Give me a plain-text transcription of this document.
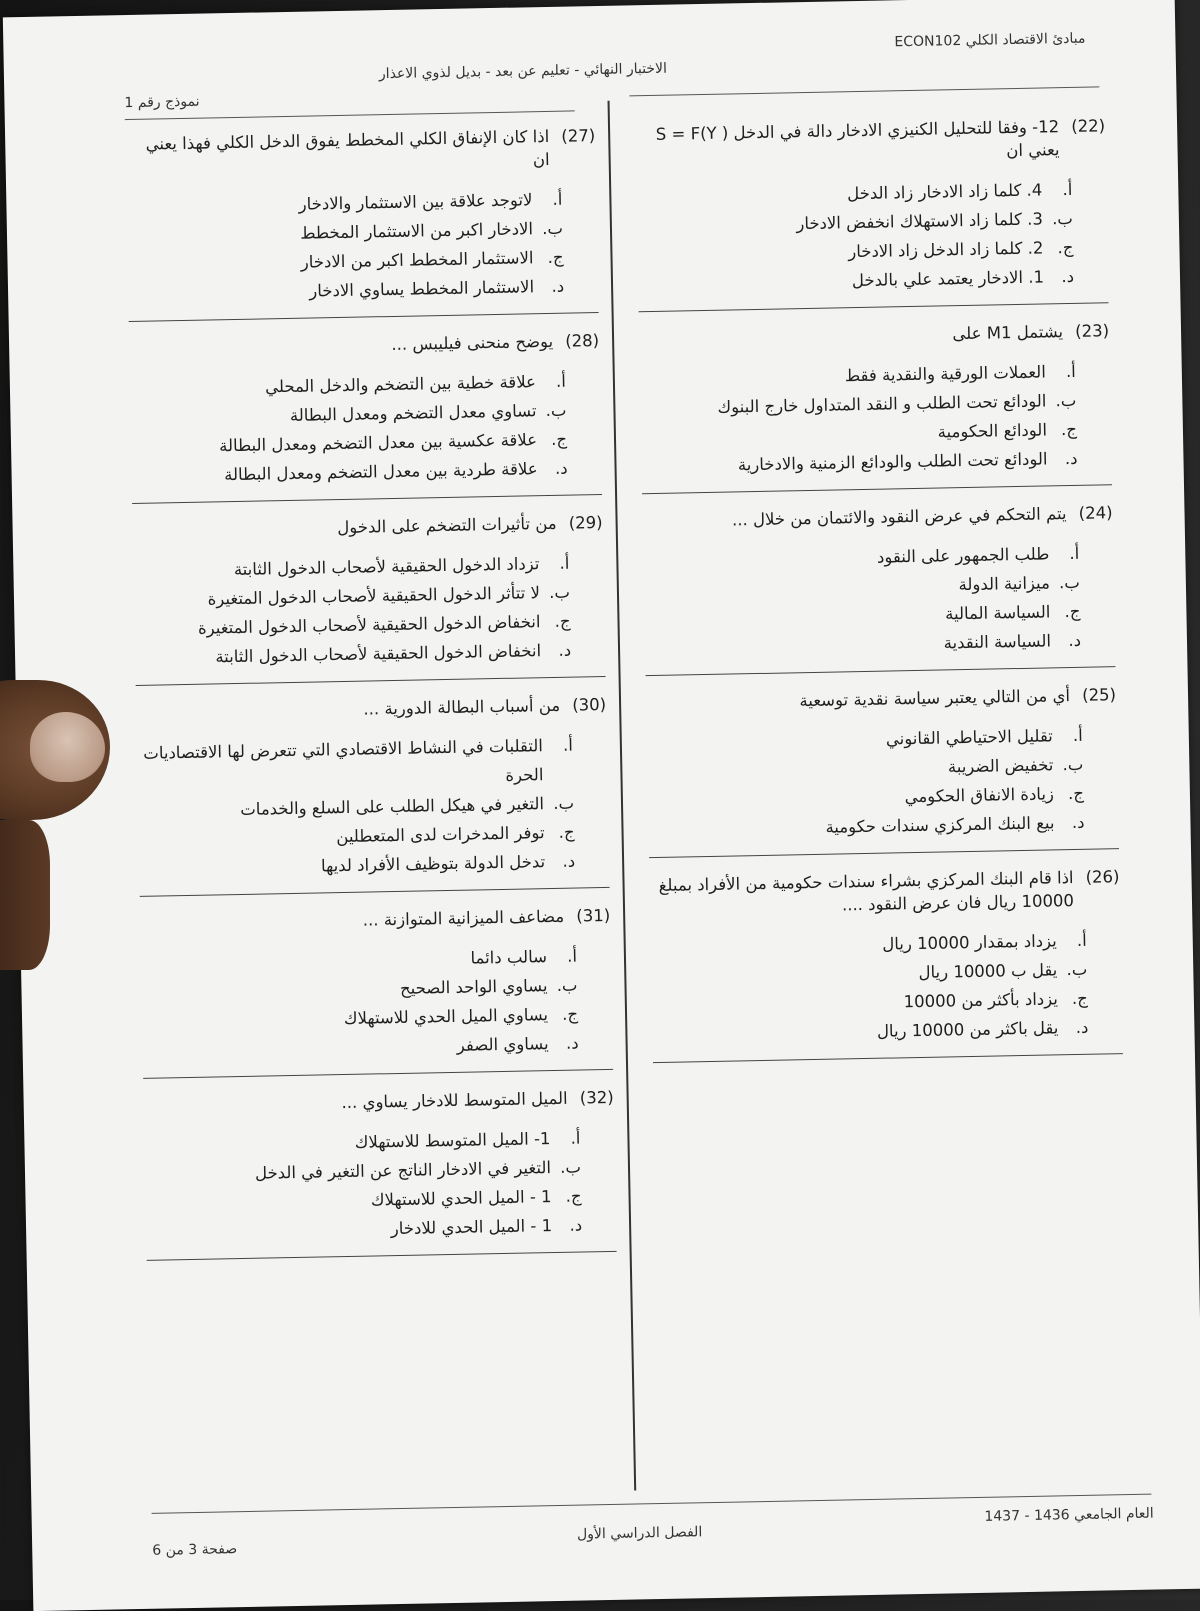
مبادئ الاقتصاد الكلي ECON102
الاختبار النهائي - تعليم عن بعد - بديل لذوي الاعذار
نموذج رقم 1
(22)
12- وفقا للتحليل الكنيزي الادخار دالة في الدخل ( S = F(Y يعني ان
أ.
4. كلما زاد الادخار زاد الدخل
ب.
3. كلما زاد الاستهلاك انخفض الادخار
ج.
2. كلما زاد الدخل زاد الادخار
د.
1. الادخار يعتمد علي بالدخل
(23)
يشتمل M1 على
أ.
العملات الورقية والنقدية فقط
ب.
الودائع تحت الطلب و النقد المتداول خارج البنوك
ج.
الودائع الحكومية
د.
الودائع تحت الطلب والودائع الزمنية والادخارية
(24)
يتم التحكم في عرض النقود والائتمان من خلال ...
أ.
طلب الجمهور على النقود
ب.
ميزانية الدولة
ج.
السياسة المالية
د.
السياسة النقدية
(25)
أي من التالي يعتبر سياسة نقدية توسعية
أ.
تقليل الاحتياطي القانوني
ب.
تخفيض الضريبة
ج.
زيادة الانفاق الحكومي
د.
بيع البنك المركزي سندات حكومية
(26)
اذا قام البنك المركزي بشراء سندات حكومية من الأفراد بمبلغ 10000 ريال فان عرض النقود ....
أ.
يزداد بمقدار 10000 ريال
ب.
يقل ب 10000 ريال
ج.
يزداد بأكثر من 10000
د.
يقل باكثر من 10000 ريال
(27)
اذا كان الإنفاق الكلي المخطط يفوق الدخل الكلي فهذا يعني ان
أ.
لاتوجد علاقة بين الاستثمار والادخار
ب.
الادخار اكبر من الاستثمار المخطط
ج.
الاستثمار المخطط اكبر من الادخار
د.
الاستثمار المخطط يساوي الادخار
(28)
يوضح منحنى فيليبس ...
أ.
علاقة خطية بين التضخم والدخل المحلي
ب.
تساوي معدل التضخم ومعدل البطالة
ج.
علاقة عكسية بين معدل التضخم ومعدل البطالة
د.
علاقة طردية بين معدل التضخم ومعدل البطالة
(29)
من تأثيرات التضخم على الدخول
أ.
تزداد الدخول الحقيقية لأصحاب الدخول الثابتة
ب.
لا تتأثر الدخول الحقيقية لأصحاب الدخول المتغيرة
ج.
انخفاض الدخول الحقيقية لأصحاب الدخول المتغيرة
د.
انخفاض الدخول الحقيقية لأصحاب الدخول الثابتة
(30)
من أسباب البطالة الدورية ...
أ.
التقلبات في النشاط الاقتصادي التي تتعرض لها الاقتصاديات الحرة
ب.
التغير في هيكل الطلب على السلع والخدمات
ج.
توفر المدخرات لدى المتعطلين
د.
تدخل الدولة بتوظيف الأفراد لديها
(31)
مضاعف الميزانية المتوازنة ...
أ.
سالب دائما
ب.
يساوي الواحد الصحيح
ج.
يساوي الميل الحدي للاستهلاك
د.
يساوي الصفر
(32)
الميل المتوسط للادخار يساوي ...
أ.
1- الميل المتوسط للاستهلاك
ب.
التغير في الادخار الناتج عن التغير في الدخل
ج.
1 - الميل الحدي للاستهلاك
د.
1 - الميل الحدي للادخار
العام الجامعي 1436 - 1437
الفصل الدراسي الأول
صفحة 3 من 6
